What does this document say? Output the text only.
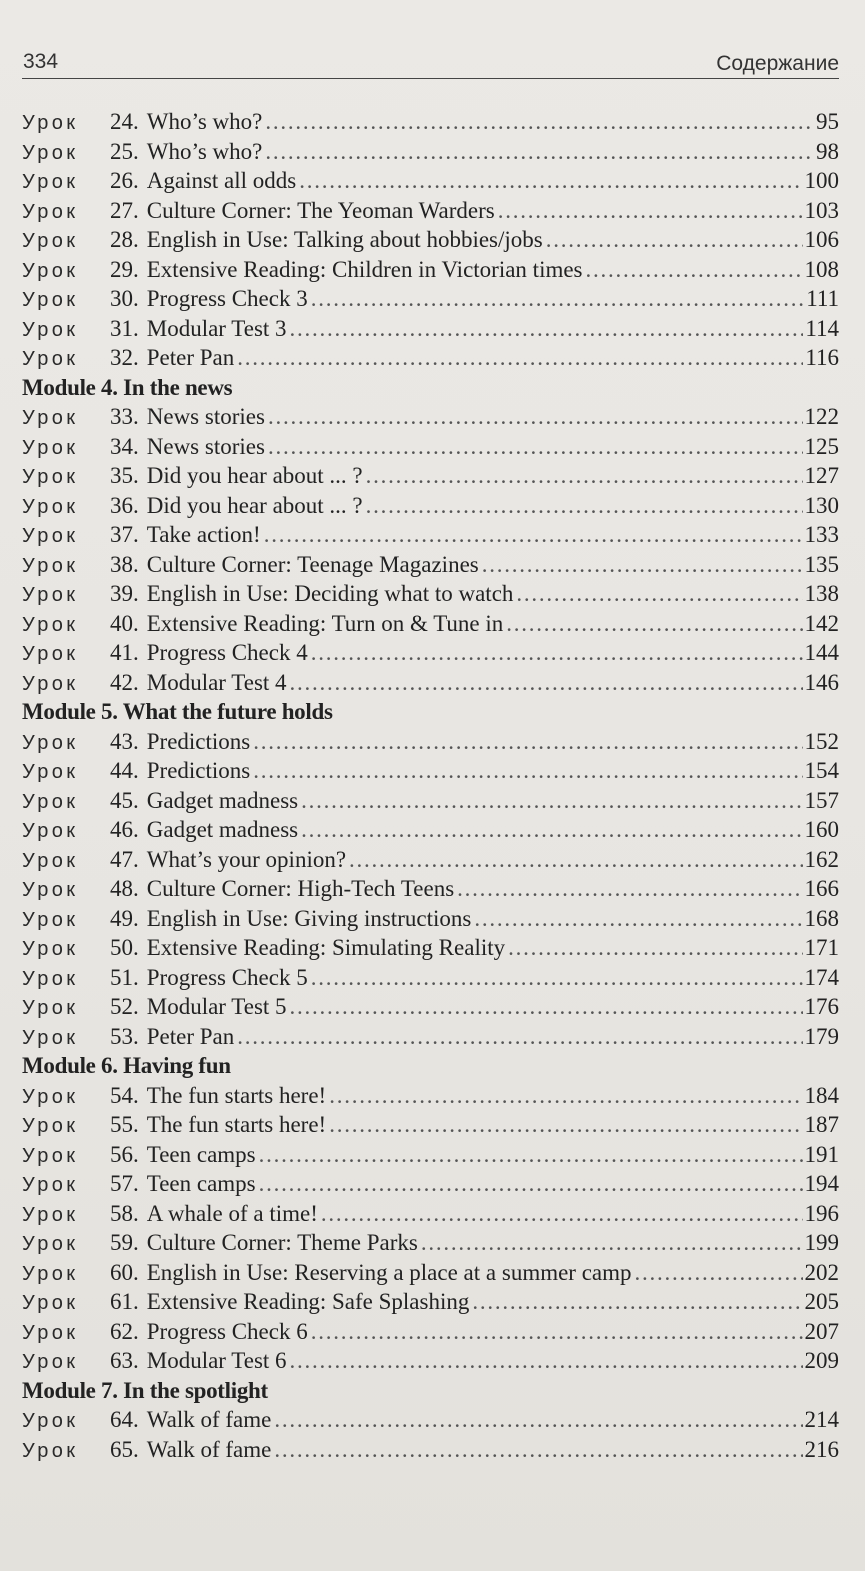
334	Содержание
Урок	24. Who’s who? . . .	95
Урок	25. Who’s who? . . .	98
Урок	26. Against all odds . . .	100
Урок	27. Culture Corner: The Yeoman Warders . . .	103
Урок	28. English in Use: Talking about hobbies/jobs . . .	106
Урок	29. Extensive Reading: Children in Victorian times . . .	108
Урок	30. Progress Check 3 . . .	111
Урок	31. Modular Test 3 . . .	114
Урок	32. Peter Pan . . .	116
Module 4. In the news
Урок	33. News stories . . .	122
Урок	34. News stories . . .	125
Урок	35. Did you hear about ... ? . . .	127
Урок	36. Did you hear about ... ? . . .	130
Урок	37. Take action! . . .	133
Урок	38. Culture Corner: Teenage Magazines . . .	135
Урок	39. English in Use: Deciding what to watch . . .	138
Урок	40. Extensive Reading: Turn on & Tune in . . .	142
Урок	41. Progress Check 4 . . .	144
Урок	42. Modular Test 4 . . .	146
Module 5. What the future holds
Урок	43. Predictions . . .	152
Урок	44. Predictions . . .	154
Урок	45. Gadget madness . . .	157
Урок	46. Gadget madness . . .	160
Урок	47. What’s your opinion? . . .	162
Урок	48. Culture Corner: High-Tech Teens . . .	166
Урок	49. English in Use: Giving instructions . . .	168
Урок	50. Extensive Reading: Simulating Reality . . .	171
Урок	51. Progress Check 5 . . .	174
Урок	52. Modular Test 5 . . .	176
Урок	53. Peter Pan . . .	179
Module 6. Having fun
Урок	54. The fun starts here! . . .	184
Урок	55. The fun starts here! . . .	187
Урок	56. Teen camps . . .	191
Урок	57. Teen camps . . .	194
Урок	58. A whale of a time! . . .	196
Урок	59. Culture Corner: Theme Parks . . .	199
Урок	60. English in Use: Reserving a place at a summer camp . . .	202
Урок	61. Extensive Reading: Safe Splashing . . .	205
Урок	62. Progress Check 6 . . .	207
Урок	63. Modular Test 6 . . .	209
Module 7. In the spotlight
Урок	64. Walk of fame . . .	214
Урок	65. Walk of fame . . .	216
